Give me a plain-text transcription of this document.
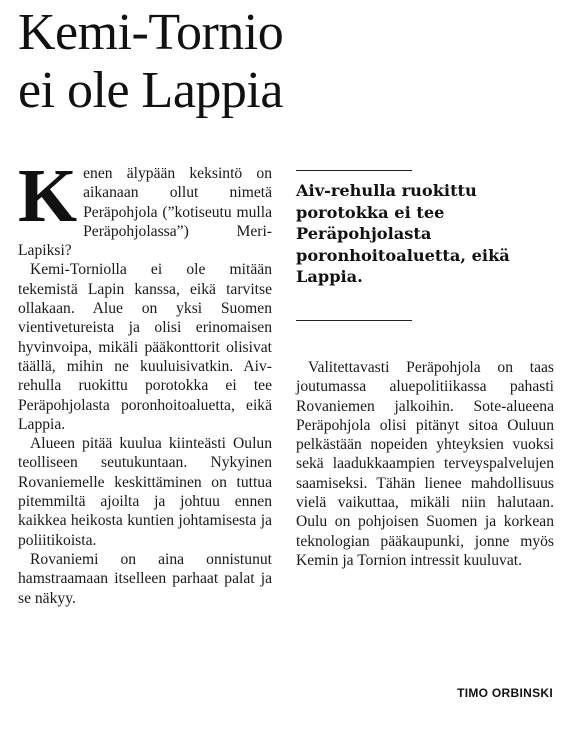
Kemi-Tornio
ei ole Lappia

Kenen älypään keksintö on aikanaan ollut nimetä Peräpohjola (”kotiseutu mulla Peräpohjolassa”) Meri-Lapiksi?

Kemi-Torniolla ei ole mitään tekemistä Lapin kanssa, eikä tarvitse ollakaan. Alue on yksi Suomen vientivetureista ja olisi erinomaisen hyvinvoipa, mikäli pääkonttorit olisivat täällä, mihin ne kuuluisivatkin. Aiv-rehulla ruokittu porotokka ei tee Peräpohjolasta poronhoitoaluetta, eikä Lappia.

Alueen pitää kuulua kiinteästi Oulun teolliseen seutukuntaan. Nykyinen Rovaniemelle keskittäminen on tuttua pitemmiltä ajoilta ja johtuu ennen kaikkea heikosta kuntien johtamisesta ja poliitikoista.

Rovaniemi on aina onnistunut hamstraamaan itselleen parhaat palat ja se näkyy.

Aiv-rehulla ruokittu porotokka ei tee Peräpohjolasta poronhoitoaluetta, eikä Lappia.

Valitettavasti Peräpohjola on taas joutumassa aluepolitiikassa pahasti Rovaniemen jalkoihin. Sote-alueena Peräpohjola olisi pitänyt sitoa Ouluun pelkästään nopeiden yhteyksien vuoksi sekä laadukkaampien terveyspalvelujen saamiseksi. Tähän lienee mahdollisuus vielä vaikuttaa, mikäli niin halutaan. Oulu on pohjoisen Suomen ja korkean teknologian pääkaupunki, jonne myös Kemin ja Tornion intressit kuuluvat.

TIMO ORBINSKI
